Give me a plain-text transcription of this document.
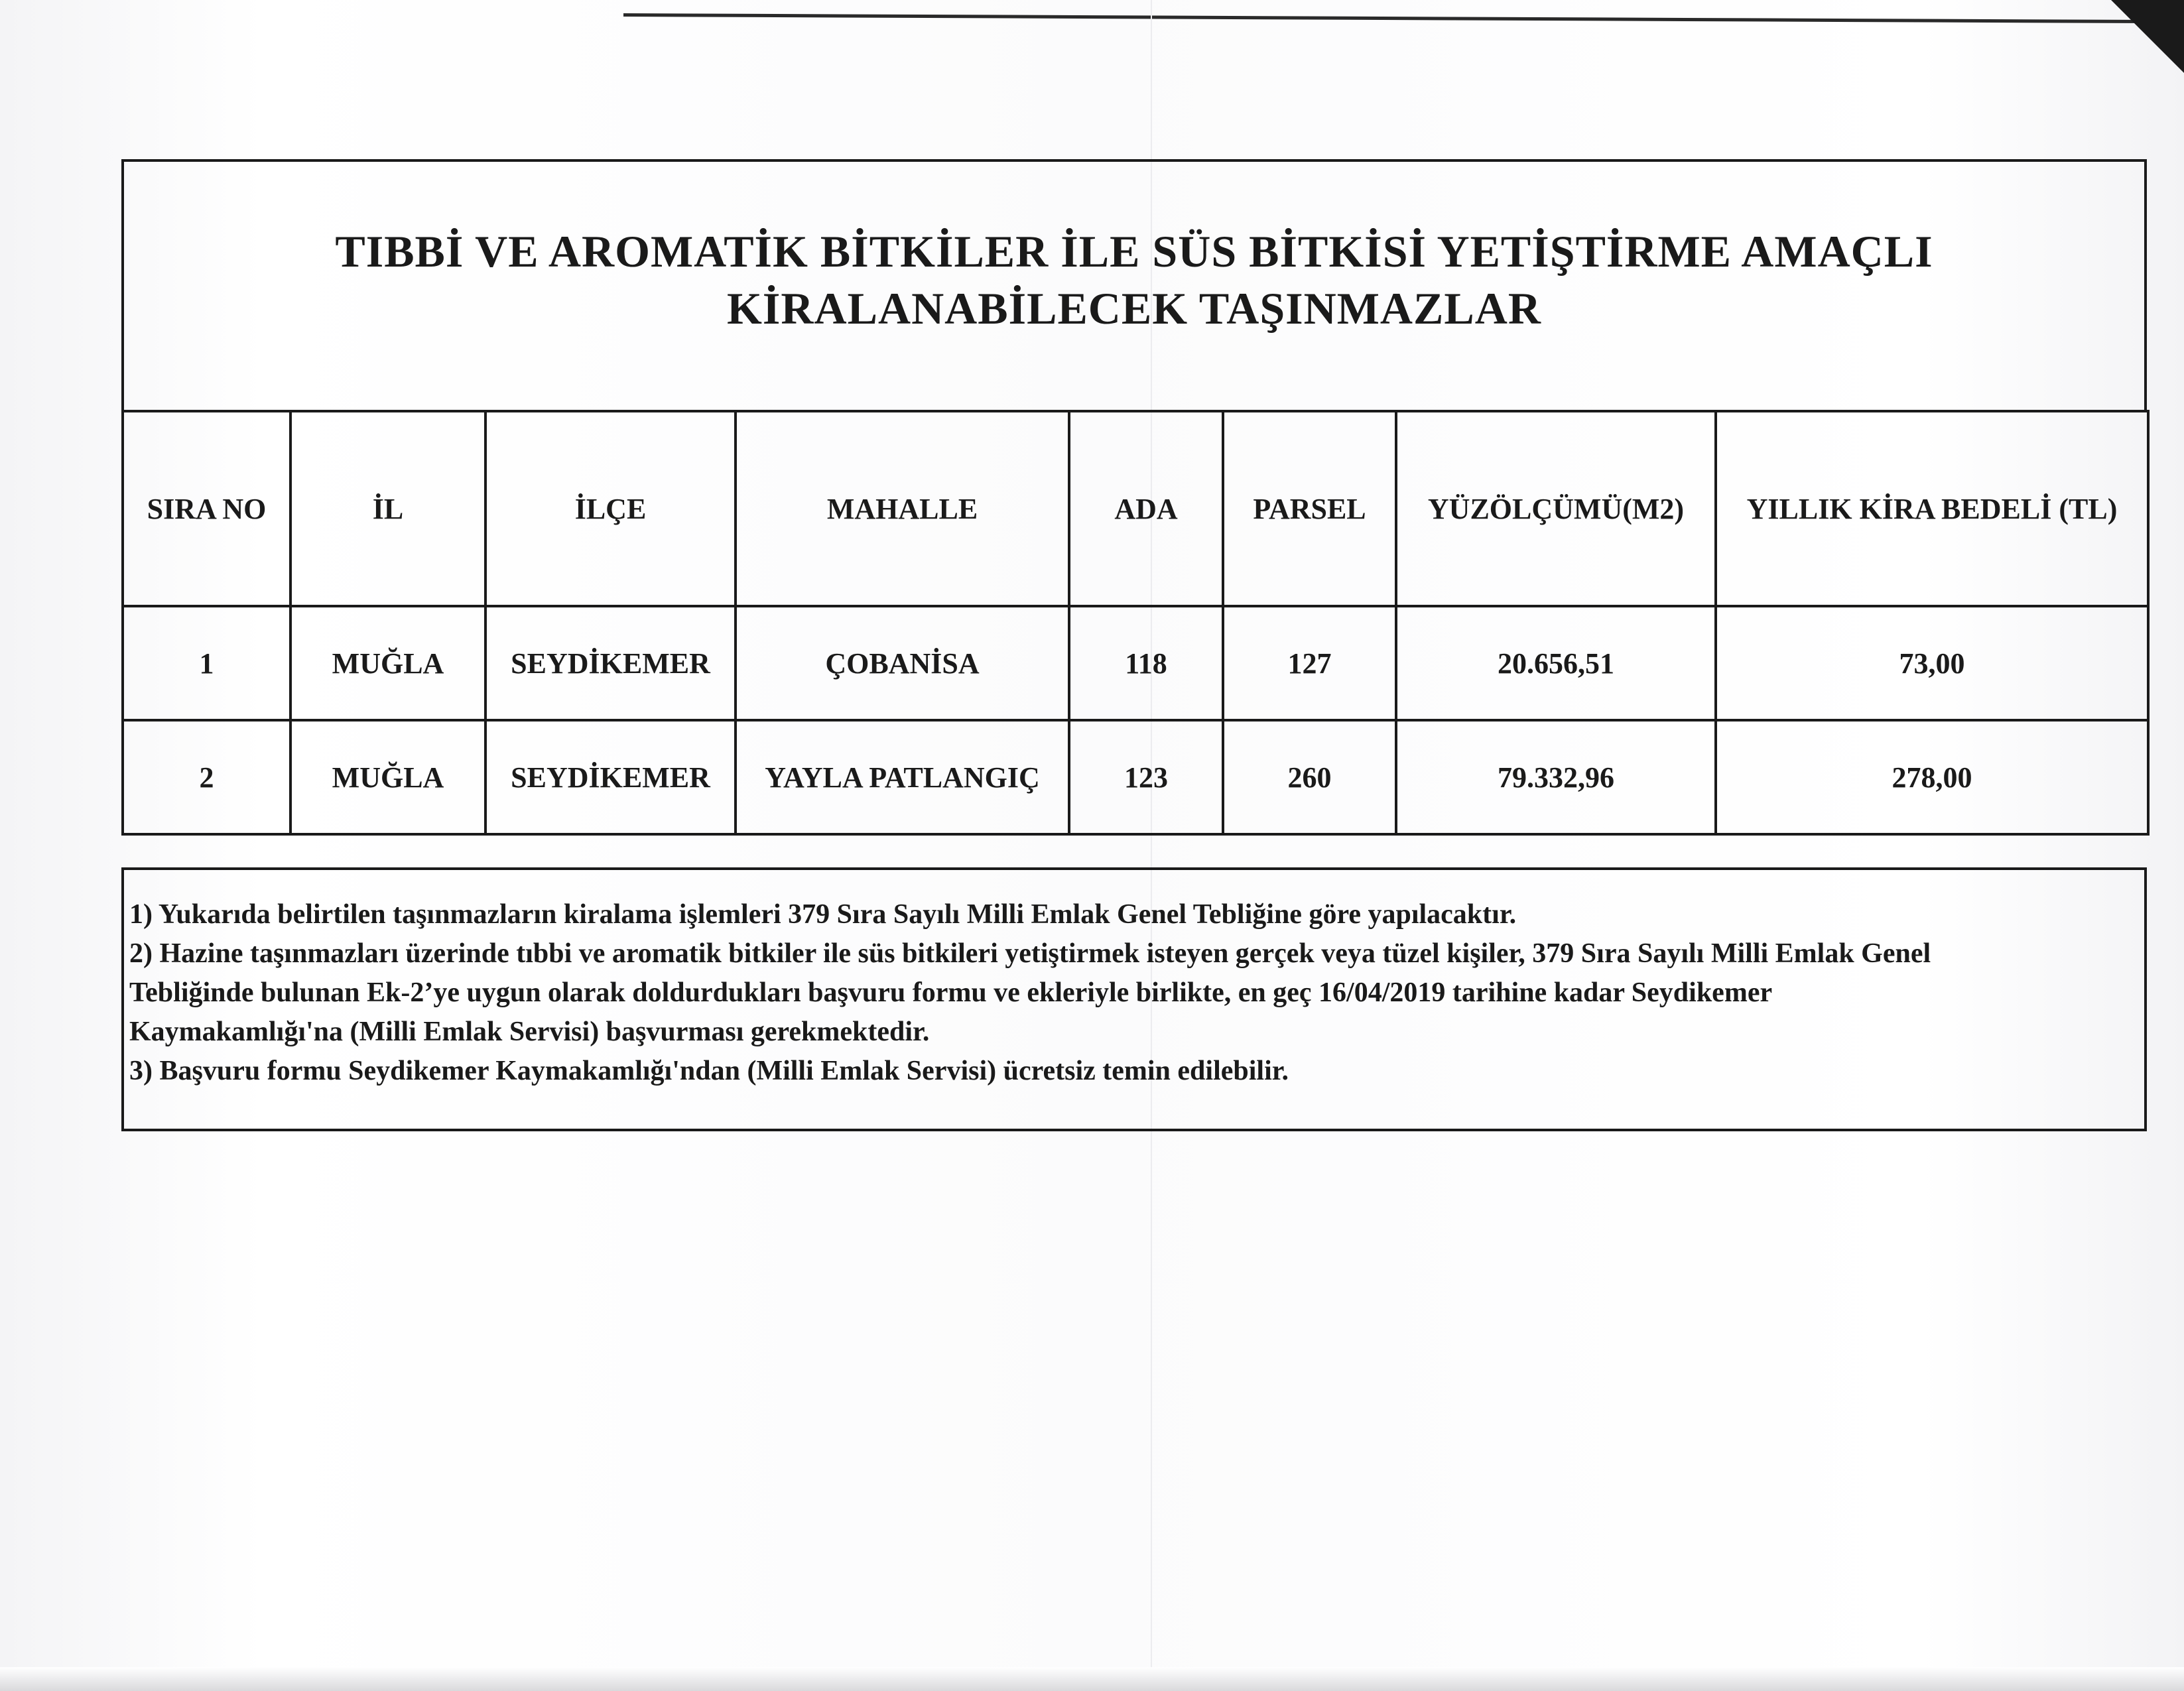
TIBBİ VE AROMATİK BİTKİLER İLE SÜS BİTKİSİ YETİŞTİRME AMAÇLI
KİRALANABİLECEK TAŞINMAZLAR
SIRA NO	İL	İLÇE	MAHALLE	ADA	PARSEL	YÜZÖLÇÜMÜ(M2)	YILLIK KİRA BEDELİ (TL)
1	MUĞLA	SEYDİKEMER	ÇOBANİSA	118	127	20.656,51	73,00
2	MUĞLA	SEYDİKEMER	YAYLA PATLANGIÇ	123	260	79.332,96	278,00
1) Yukarıda belirtilen taşınmazların kiralama işlemleri 379 Sıra Sayılı Milli Emlak Genel Tebliğine göre yapılacaktır.
2) Hazine taşınmazları üzerinde tıbbi ve aromatik bitkiler ile süs bitkileri yetiştirmek isteyen gerçek veya tüzel kişiler, 379 Sıra Sayılı Milli Emlak Genel
Tebliğinde bulunan Ek-2’ye uygun olarak doldurdukları başvuru formu ve ekleriyle birlikte, en geç 16/04/2019 tarihine kadar Seydikemer
Kaymakamlığı'na (Milli Emlak Servisi) başvurması gerekmektedir.
3) Başvuru formu Seydikemer Kaymakamlığı'ndan (Milli Emlak Servisi) ücretsiz temin edilebilir.
